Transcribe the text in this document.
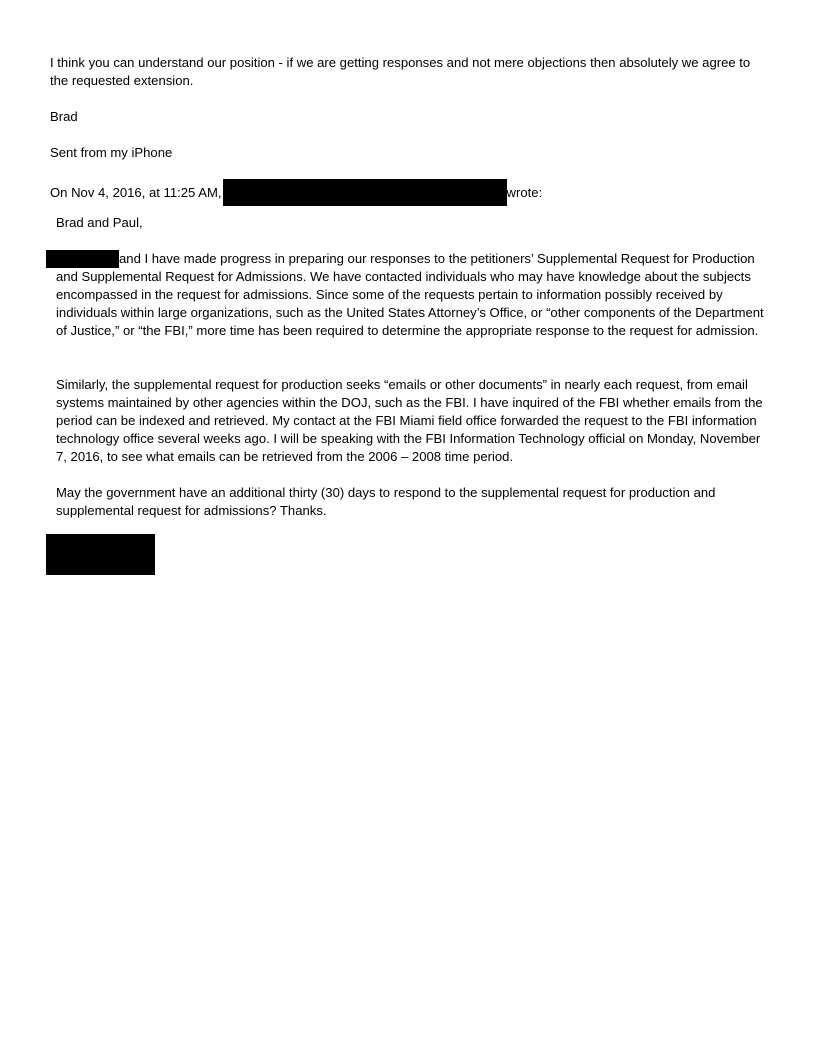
I think you can understand our position - if we are getting responses and not mere objections then absolutely we agree to the requested extension.

Brad

Sent from my iPhone

On Nov 4, 2016, at 11:25 AM,	wrote:

Brad and Paul,

and I have made progress in preparing our responses to the petitioners’ Supplemental Request for Production and Supplemental Request for Admissions. We have contacted individuals who may have knowledge about the subjects encompassed in the request for admissions. Since some of the requests pertain to information possibly received by individuals within large organizations, such as the United States Attorney’s Office, or “other components of the Department of Justice,” or “the FBI,” more time has been required to determine the appropriate response to the request for admission.

Similarly, the supplemental request for production seeks “emails or other documents” in nearly each request, from email systems maintained by other agencies within the DOJ, such as the FBI. I have inquired of the FBI whether emails from the period can be indexed and retrieved. My contact at the FBI Miami field office forwarded the request to the FBI information technology office several weeks ago. I will be speaking with the FBI Information Technology official on Monday, November 7, 2016, to see what emails can be retrieved from the 2006 – 2008 time period.

May the government have an additional thirty (30) days to respond to the supplemental request for production and supplemental request for admissions? Thanks.
